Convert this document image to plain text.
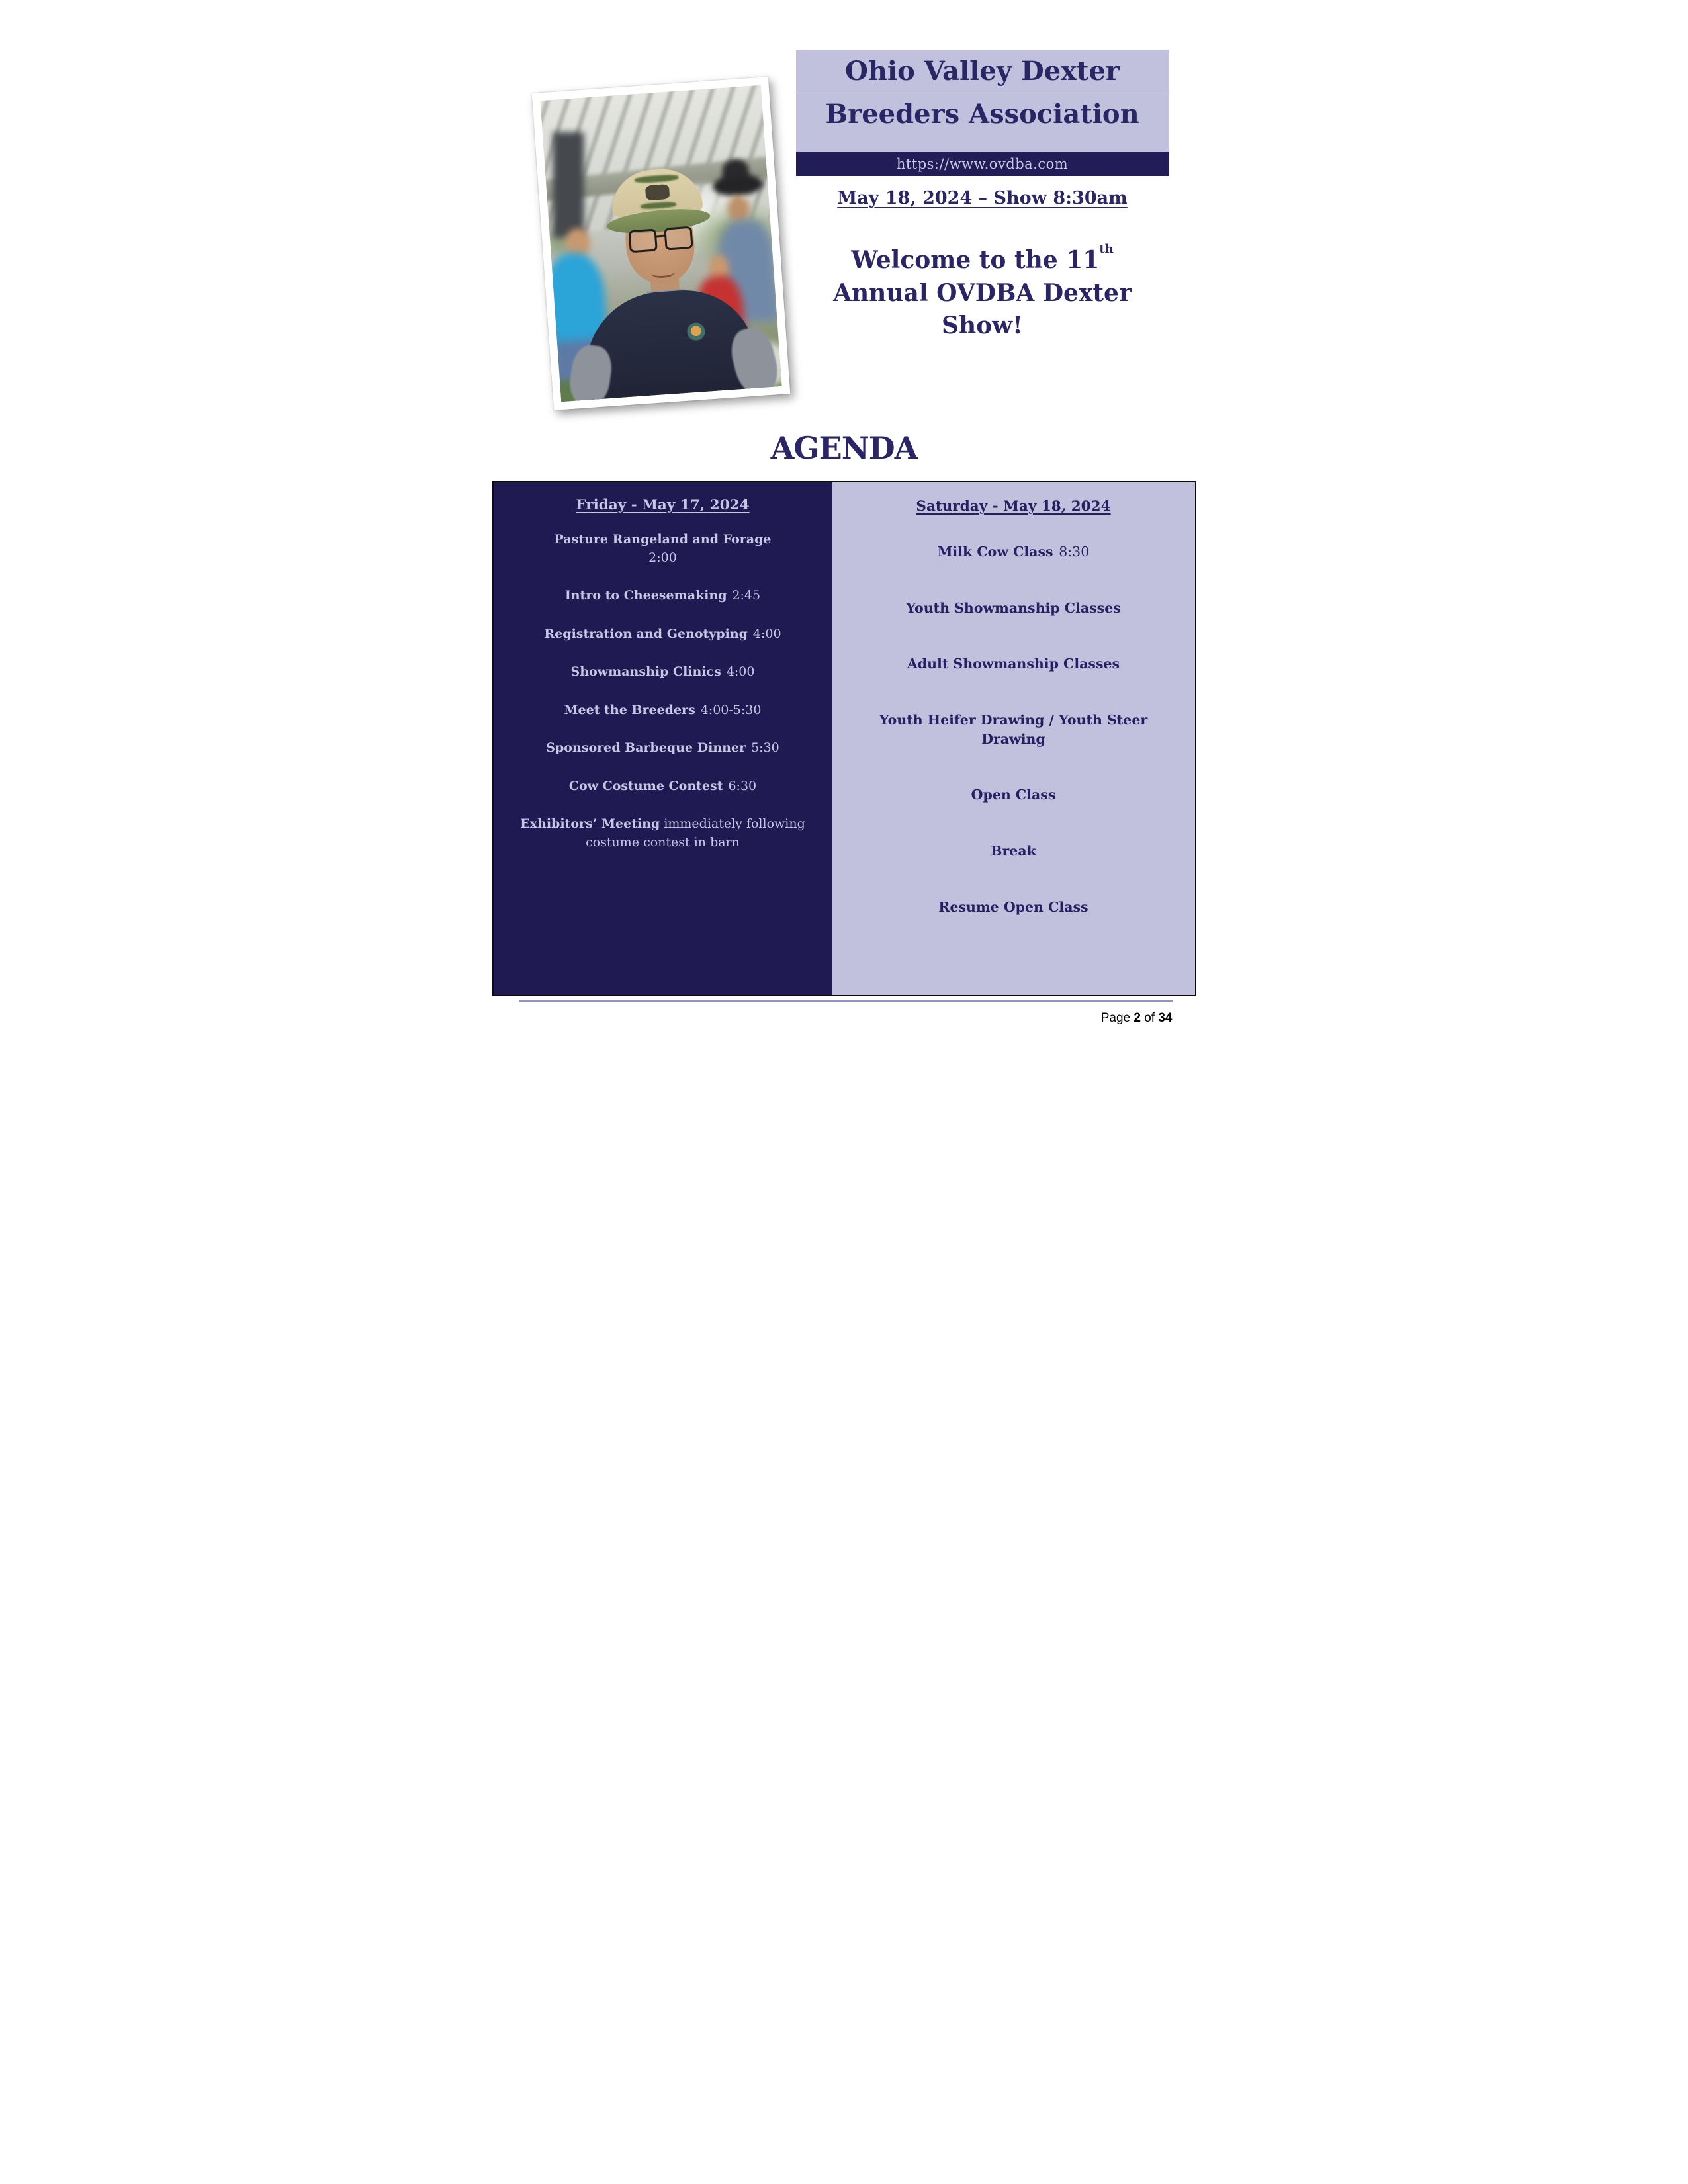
Ohio Valley Dexter
Breeders Association
https://www.ovdba.com
May 18, 2024 – Show 8:30am
Welcome to the 11th
Annual OVDBA Dexter
Show!
AGENDA

Friday - May 17, 2024

Pasture Rangeland and Forage
2:00

Intro to Cheesemaking 2:45

Registration and Genotyping 4:00

Showmanship Clinics 4:00

Meet the Breeders 4:00-5:30

Sponsored Barbeque Dinner 5:30

Cow Costume Contest 6:30

Exhibitors’ Meeting immediately following costume contest in barn

Saturday - May 18, 2024

Milk Cow Class 8:30

Youth Showmanship Classes

Adult Showmanship Classes

Youth Heifer Drawing / Youth Steer Drawing

Open Class

Break

Resume Open Class

Page 2 of 34
